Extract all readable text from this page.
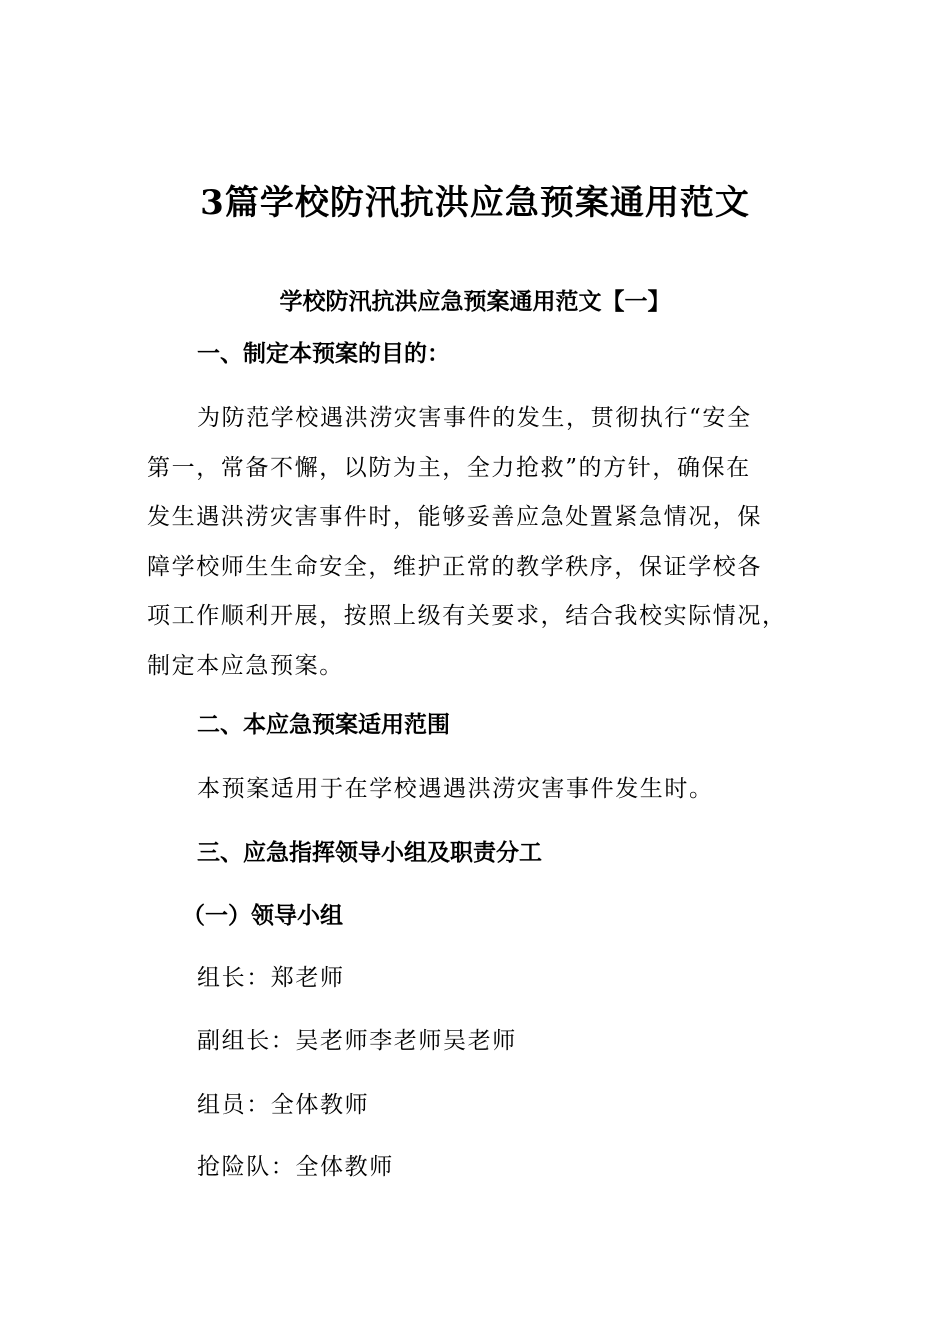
3篇学校防汛抗洪应急预案通用范文
学校防汛抗洪应急预案通用范文【一】
一、制定本预案的目的：
为防范学校遇洪涝灾害事件的发生，贯彻执行“安全
第一，常备不懈，以防为主，全力抢救”的方针，确保在
发生遇洪涝灾害事件时，能够妥善应急处置紧急情况，保
障学校师生生命安全，维护正常的教学秩序，保证学校各
项工作顺利开展，按照上级有关要求，结合我校实际情况，
制定本应急预案。
二、本应急预案适用范围
本预案适用于在学校遇遇洪涝灾害事件发生时。
三、应急指挥领导小组及职责分工
（一）领导小组
组长：郑老师
副组长：吴老师李老师吴老师
组员：全体教师
抢险队：全体教师
